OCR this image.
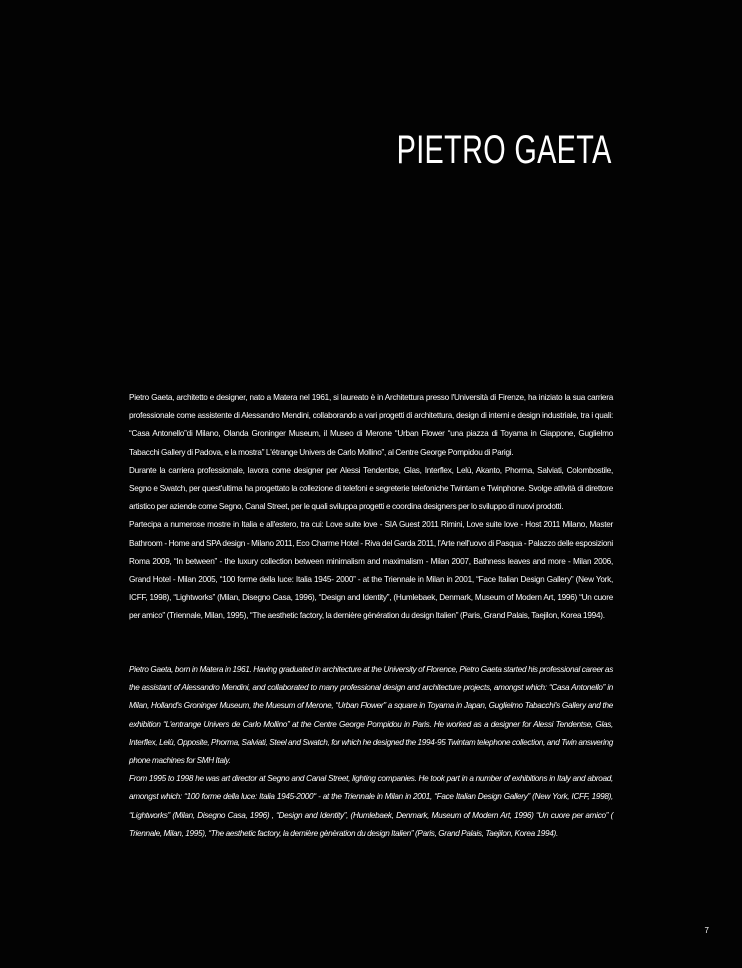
PIETRO GAETA

Pietro Gaeta, architetto e designer, nato a Matera nel 1961, si laureato è in Architettura presso l'Università di Firenze, ha iniziato la sua carriera professionale come assistente di Alessandro Mendini, collaborando a vari progetti di architettura, design di interni e design industriale, tra i quali: “Casa Antonello”di Milano, Olanda Groninger Museum, il Museo di Merone “Urban Flower “una piazza di Toyama in Giappone, Guglielmo Tabacchi Gallery di Padova, e la mostra” L'étrange Univers de Carlo Mollino”, al Centre George Pompidou di Parigi.

Durante la carriera professionale, lavora come designer per Alessi Tendentse, Glas, Interflex, Lelù, Akanto, Phorma, Salviati, Colombostile, Segno e Swatch, per quest'ultima ha progettato la collezione di telefoni e segreterie telefoniche Twintam e Twinphone. Svolge attività di direttore artistico per aziende come Segno, Canal Street, per le quali sviluppa progetti e coordina designers per lo sviluppo di nuovi prodotti.

Partecipa a numerose mostre in Italia e all'estero, tra cui: Love suite love - SIA Guest 2011 Rimini, Love suite love - Host 2011 Milano, Master Bathroom - Home and SPA design - Milano 2011, Eco Charme Hotel - Riva del Garda 2011, l'Arte nell'uovo di Pasqua - Palazzo delle esposizioni Roma 2009, “In between” - the luxury collection between minimalism and maximalism - Milan 2007, Bathness leaves and more - Milan 2006, Grand Hotel - Milan 2005, “100 forme della luce: Italia 1945- 2000” - at the Triennale in Milan in 2001, “Face Italian Design Gallery” (New York, ICFF, 1998), “Lightworks” (Milan, Disegno Casa, 1996), “Design and Identity”, (Humlebaek, Denmark, Museum of Modern Art, 1996) “Un cuore per amico” (Triennale, Milan, 1995), “The aesthetic factory, la dernière génération du design Italien” (Paris, Grand Palais, Taejilon, Korea 1994).

Pietro Gaeta, born in Matera in 1961. Having graduated in architecture at the University of Florence, Pietro Gaeta started his professional career as the assistant of Alessandro Mendini, and collaborated to many professional design and architecture projects, amongst which: “Casa Antonello” in Milan, Holland's Groninger Museum, the Muesum of Merone, “Urban Flower” a square in Toyama in Japan, Guglielmo Tabacchi's Gallery and the exhibition “L'entrange Univers de Carlo Mollino” at the Centre George Pompidou in Paris. He worked as a designer for Alessi Tendentse, Glas, Interflex, Lelù, Opposite, Phorma, Salviati, Steel and Swatch, for which he designed the 1994-95 Twintam telephone collection, and Twin answering phone machines for SMH Italy.

From 1995 to 1998 he was art director at Segno and Canal Street, lighting companies. He took part in a number of exhibitions in Italy and abroad, amongst which: “100 forme della luce: Italia 1945-2000ʺ - at the Triennale in Milan in 2001, “Face Italian Design Gallery” (New York, ICFF, 1998), “Lightworks” (Milan, Disegno Casa, 1996) , “Design and Identity”, (Humlebaek, Denmark, Museum of Modern Art, 1996) “Un cuore per amico” ( Triennale, Milan, 1995), “The aesthetic factory, la dernière gènèration du design Italien” (Paris, Grand Palais, Taejilon, Korea 1994).

7
